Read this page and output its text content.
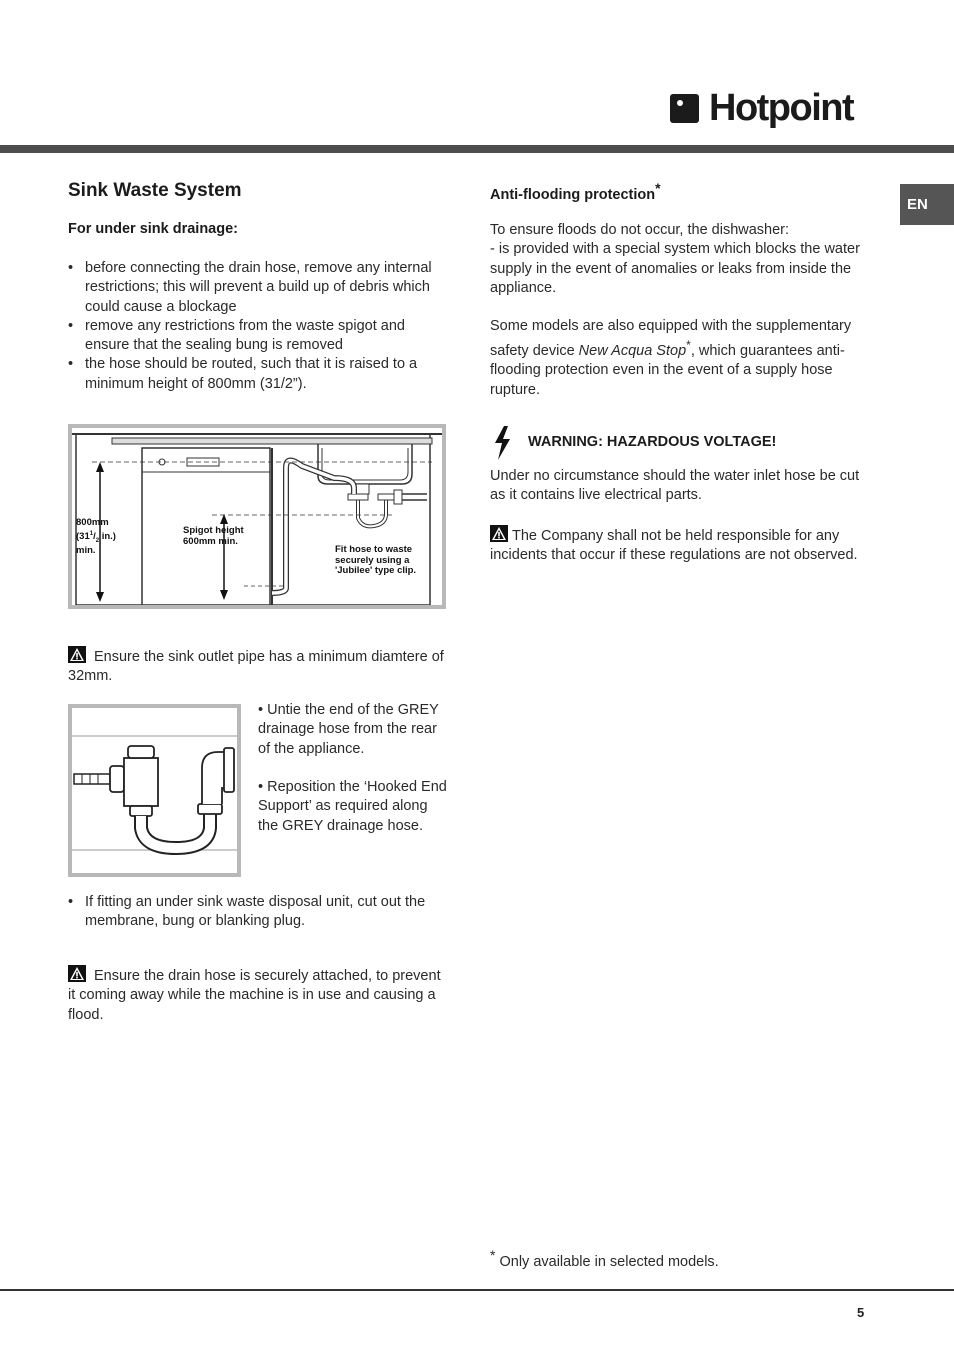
Hotpoint
EN
Sink Waste System
For under sink drainage:
• before connecting the drain hose, remove any internal restrictions; this will prevent a build up of debris which could cause a blockage
• remove any restrictions from the waste spigot and ensure that the sealing bung is removed
• the hose should be routed, such that it is raised to a minimum height of 800mm (31/2”).
800mm
($31^1/_2$ in.)
min.
Spigot height
600mm min.
Fit hose to waste
securely using a
'Jubilee' type clip.
Ensure the sink outlet pipe has a minimum diamtere of 32mm.
• Untie the end of the GREY drainage hose from the rear of the appliance.
• Reposition the ‘Hooked End Support’ as required along the GREY drainage hose.
• If fitting an under sink waste disposal unit, cut out the membrane, bung or blanking plug.
Ensure the drain hose is securely attached, to prevent it coming away while the machine is in use and causing a flood.
Anti-flooding protection*
To ensure floods do not occur, the dishwasher:
- is provided with a special system which blocks the water supply in the event of anomalies or leaks from inside the appliance.
Some models are also equipped with the supplementary safety device New Acqua Stop*, which guarantees anti-flooding protection even in the event of a supply hose rupture.
WARNING: HAZARDOUS VOLTAGE!
Under no circumstance should the water inlet hose be cut as it contains live electrical parts.
The Company shall not be held responsible for any incidents that occur if these regulations are not observed.
* Only available in selected models.
5
